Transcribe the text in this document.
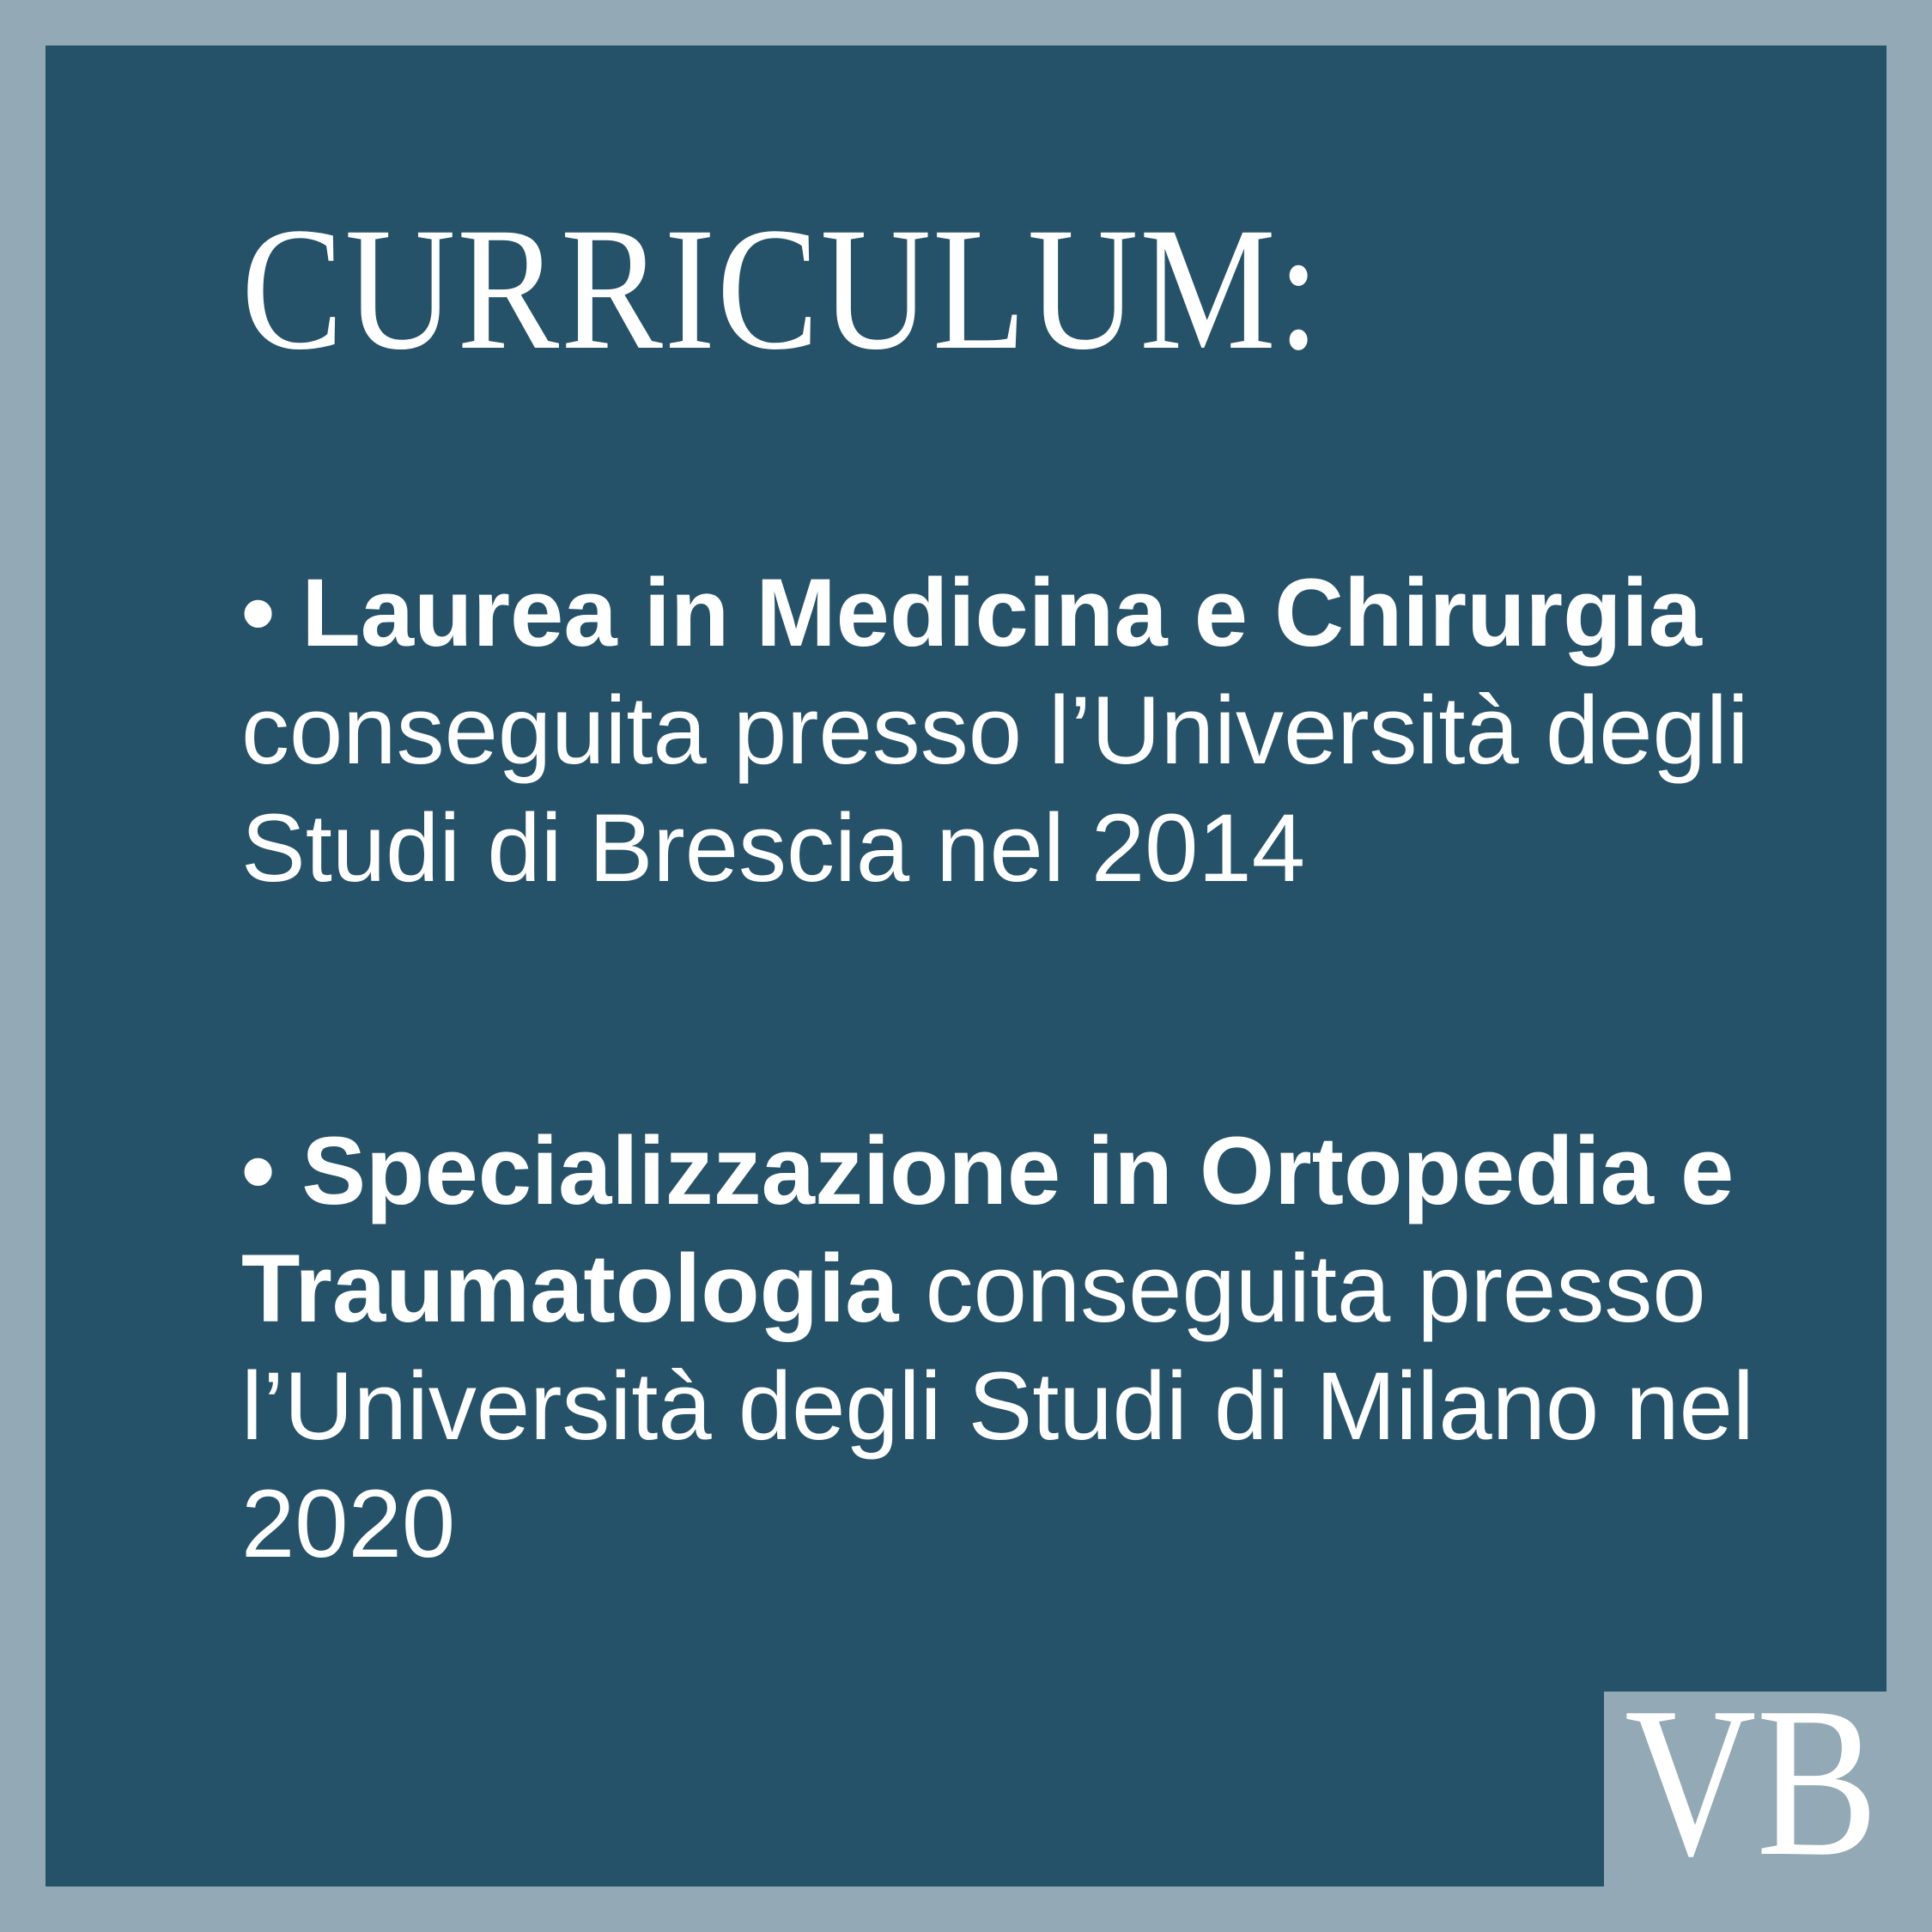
CURRICULUM:
• Laurea in Medicina e Chirurgia
conseguita presso l’Università degli
Studi di Brescia nel 2014
• Specializzazione in Ortopedia e
Traumatologia conseguita presso
l’Università degli Studi di Milano nel
2020

VB
